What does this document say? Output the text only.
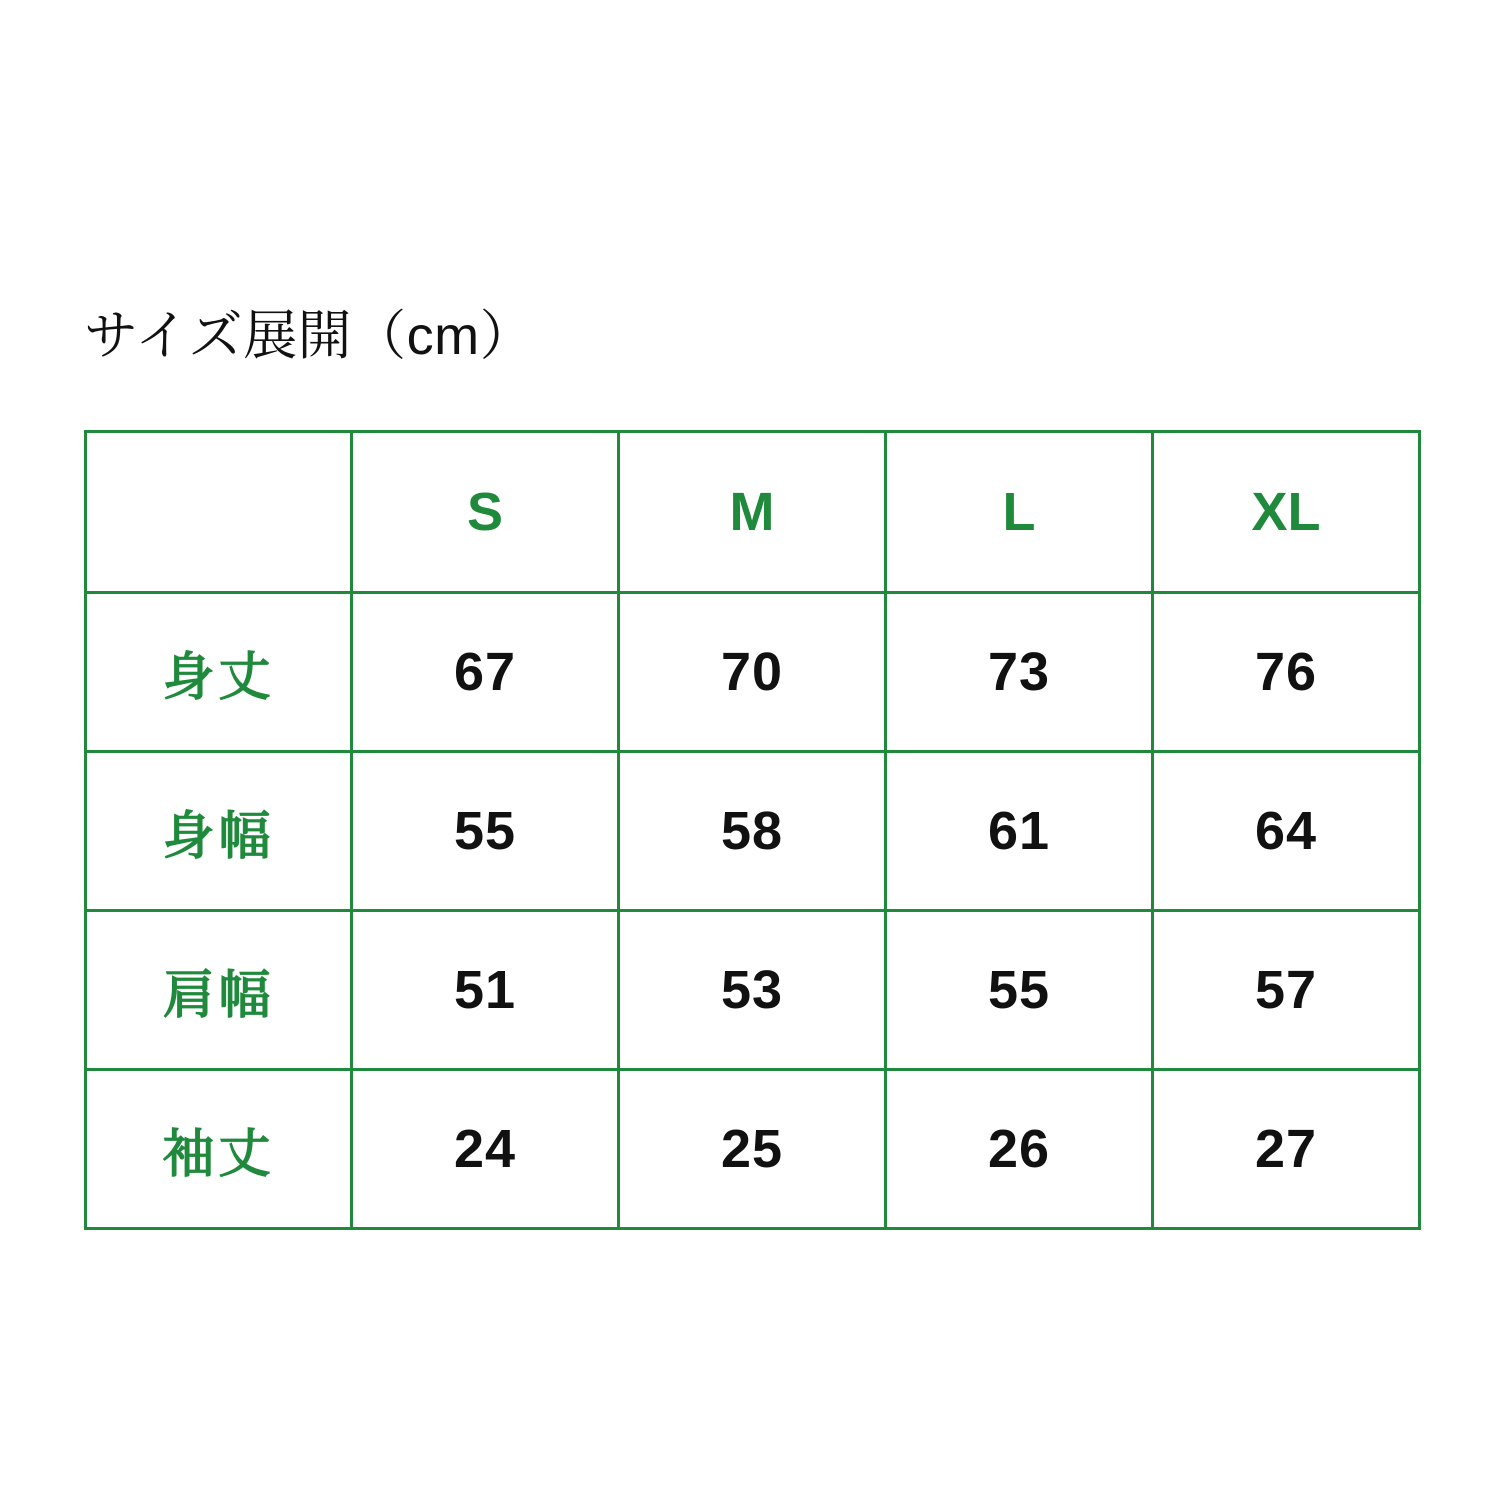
サイズ展開（cm）
	S	M	L	XL
身丈	67	70	73	76
身幅	55	58	61	64
肩幅	51	53	55	57
袖丈	24	25	26	27
